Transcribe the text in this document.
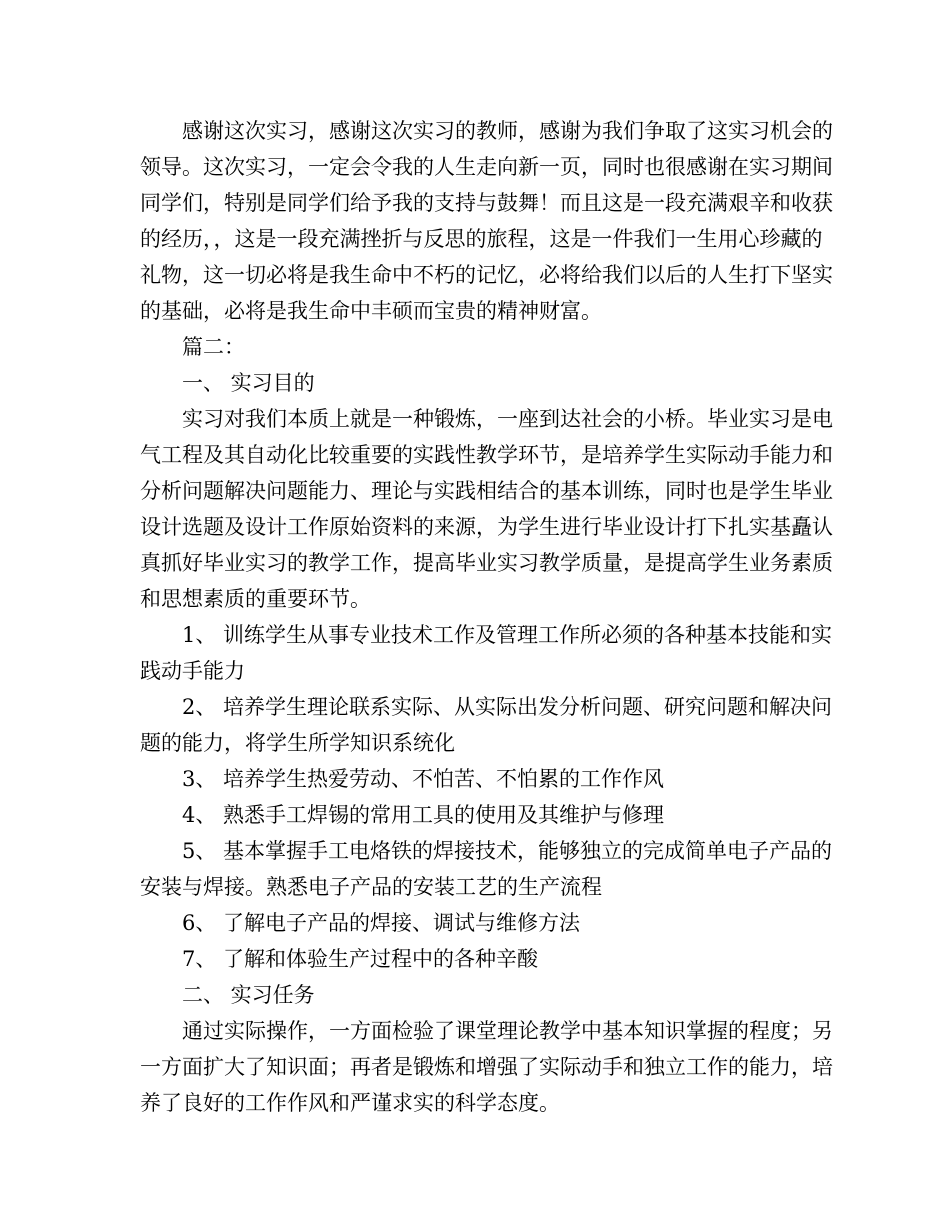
感谢这次实习，感谢这次实习的教师，感谢为我们争取了这实习机会的领导。这次实习，一定会令我的人生走向新一页，同时也很感谢在实习期间同学们，特别是同学们给予我的支持与鼓舞！而且这是一段充满艰辛和收获的经历，，这是一段充满挫折与反思的旅程，这是一件我们一生用心珍藏的礼物，这一切必将是我生命中不朽的记忆，必将给我们以后的人生打下坚实的基础，必将是我生命中丰硕而宝贵的精神财富。

篇二：

一、 实习目的

实习对我们本质上就是一种锻炼，一座到达社会的小桥。毕业实习是电气工程及其自动化比较重要的实践性教学环节，是培养学生实际动手能力和分析问题解决问题能力、理论与实践相结合的基本训练，同时也是学生毕业设计选题及设计工作原始资料的来源，为学生进行毕业设计打下扎实基矗认真抓好毕业实习的教学工作，提高毕业实习教学质量，是提高学生业务素质和思想素质的重要环节。

1、 训练学生从事专业技术工作及管理工作所必须的各种基本技能和实践动手能力

2、 培养学生理论联系实际、从实际出发分析问题、研究问题和解决问题的能力，将学生所学知识系统化

3、 培养学生热爱劳动、不怕苦、不怕累的工作作风

4、 熟悉手工焊锡的常用工具的使用及其维护与修理

5、 基本掌握手工电烙铁的焊接技术，能够独立的完成简单电子产品的安装与焊接。熟悉电子产品的安装工艺的生产流程

6、 了解电子产品的焊接、调试与维修方法

7、 了解和体验生产过程中的各种辛酸

二、 实习任务

通过实际操作，一方面检验了课堂理论教学中基本知识掌握的程度；另一方面扩大了知识面；再者是锻炼和增强了实际动手和独立工作的能力，培养了良好的工作作风和严谨求实的科学态度。
